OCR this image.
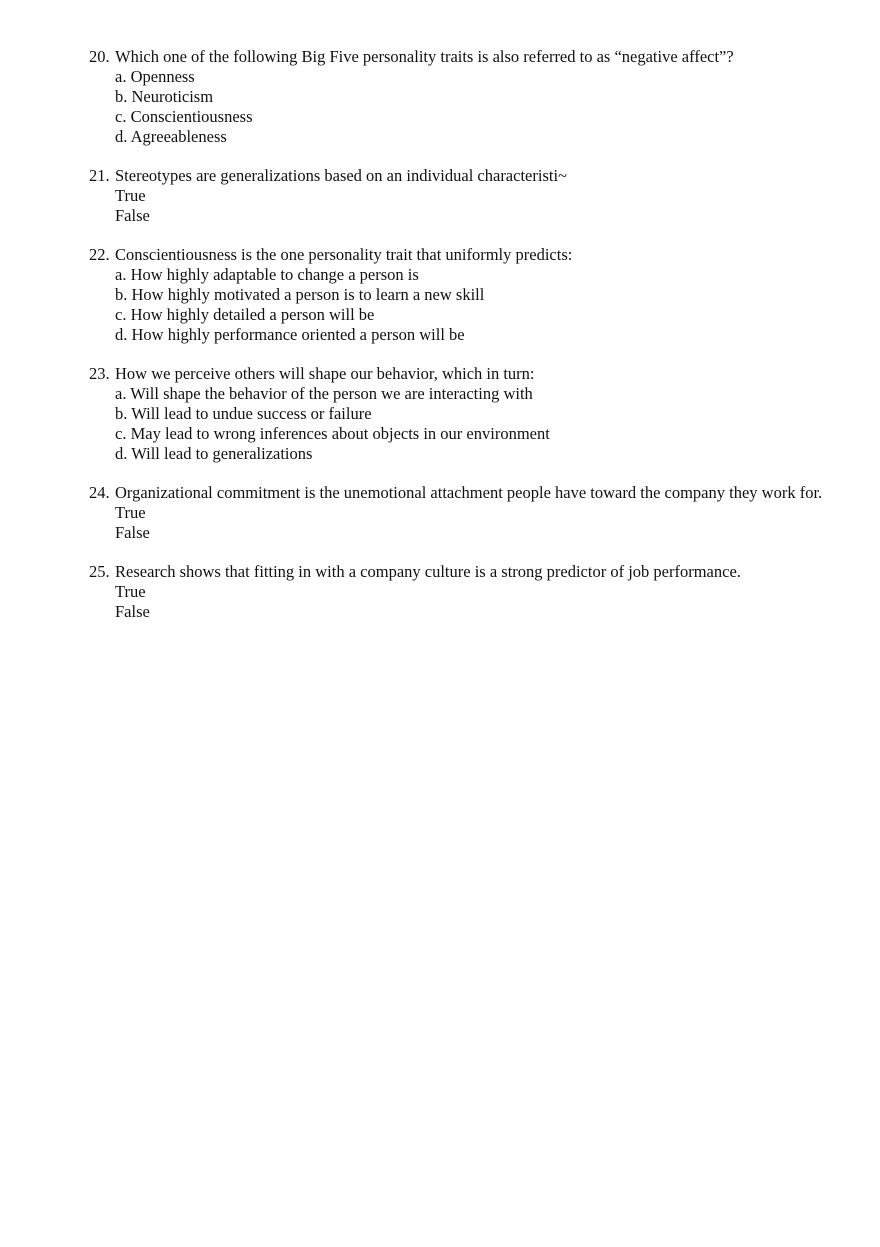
20. Which one of the following Big Five personality traits is also referred to as “negative affect”?
a. Openness
b. Neuroticism
c. Conscientiousness
d. Agreeableness
21. Stereotypes are generalizations based on an individual characteristi~
True
False
22. Conscientiousness is the one personality trait that uniformly predicts:
a. How highly adaptable to change a person is
b. How highly motivated a person is to learn a new skill
c. How highly detailed a person will be
d. How highly performance oriented a person will be
23. How we perceive others will shape our behavior, which in turn:
a. Will shape the behavior of the person we are interacting with
b. Will lead to undue success or failure
c. May lead to wrong inferences about objects in our environment
d. Will lead to generalizations
24. Organizational commitment is the unemotional attachment people have toward the company they work for.
True
False
25. Research shows that fitting in with a company culture is a strong predictor of job performance.
True
False
